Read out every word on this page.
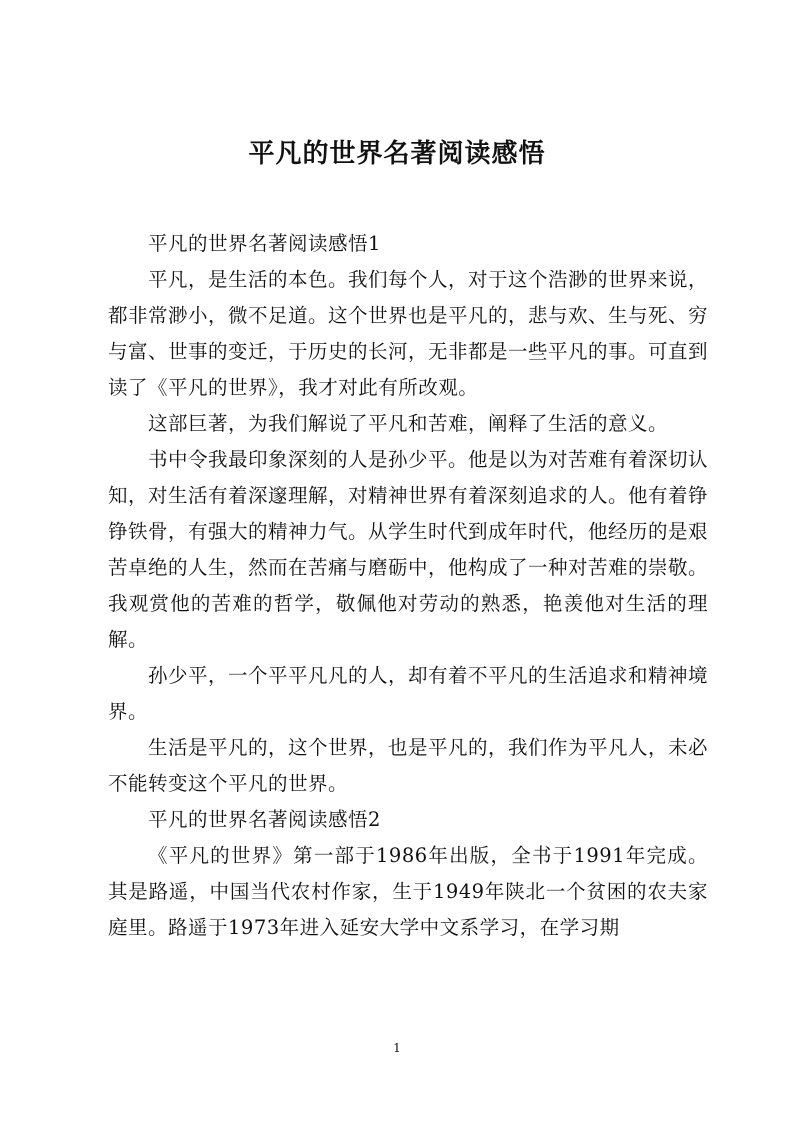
平凡的世界名著阅读感悟

平凡的世界名著阅读感悟1

平凡，是生活的本色。我们每个人，对于这个浩渺的世界来说，都非常渺小，微不足道。这个世界也是平凡的，悲与欢、生与死、穷与富、世事的变迁，于历史的长河，无非都是一些平凡的事。可直到读了《平凡的世界》，我才对此有所改观。

这部巨著，为我们解说了平凡和苦难，阐释了生活的意义。

书中令我最印象深刻的人是孙少平。他是以为对苦难有着深切认知，对生活有着深邃理解，对精神世界有着深刻追求的人。他有着铮铮铁骨，有强大的精神力气。从学生时代到成年时代，他经历的是艰苦卓绝的人生，然而在苦痛与磨砺中，他构成了一种对苦难的崇敬。我观赏他的苦难的哲学，敬佩他对劳动的熟悉，艳羡他对生活的理解。

孙少平，一个平平凡凡的人，却有着不平凡的生活追求和精神境界。

生活是平凡的，这个世界，也是平凡的，我们作为平凡人，未必不能转变这个平凡的世界。

平凡的世界名著阅读感悟2

《平凡的世界》第一部于1986年出版，全书于1991年完成。其是路遥，中国当代农村作家，生于1949年陕北一个贫困的农夫家庭里。路遥于1973年进入延安大学中文系学习，在学习期

1
